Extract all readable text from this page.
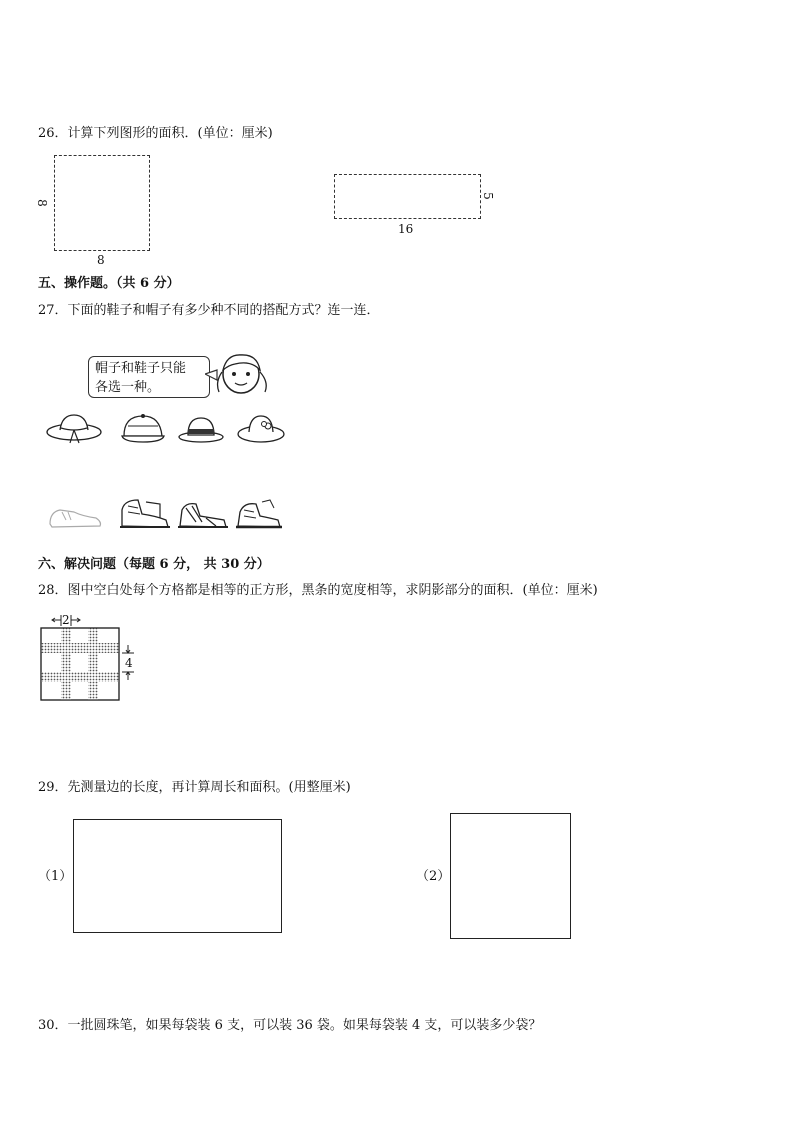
26．计算下列图形的面积．(单位：厘米)
8
8
5
16
五、操作题。（共 6 分）
27．下面的鞋子和帽子有多少种不同的搭配方式？连一连．
帽子和鞋子只能
各选一种。
六、解决问题（每题 6 分， 共 30 分）
28．图中空白处每个方格都是相等的正方形，黑条的宽度相等，求阴影部分的面积．(单位：厘米)
2
4
29．先测量边的长度，再计算周长和面积。(用整厘米)
（1）	（2）
30．一批圆珠笔，如果每袋装 6 支，可以装 36 袋。如果每袋装 4 支，可以装多少袋？
